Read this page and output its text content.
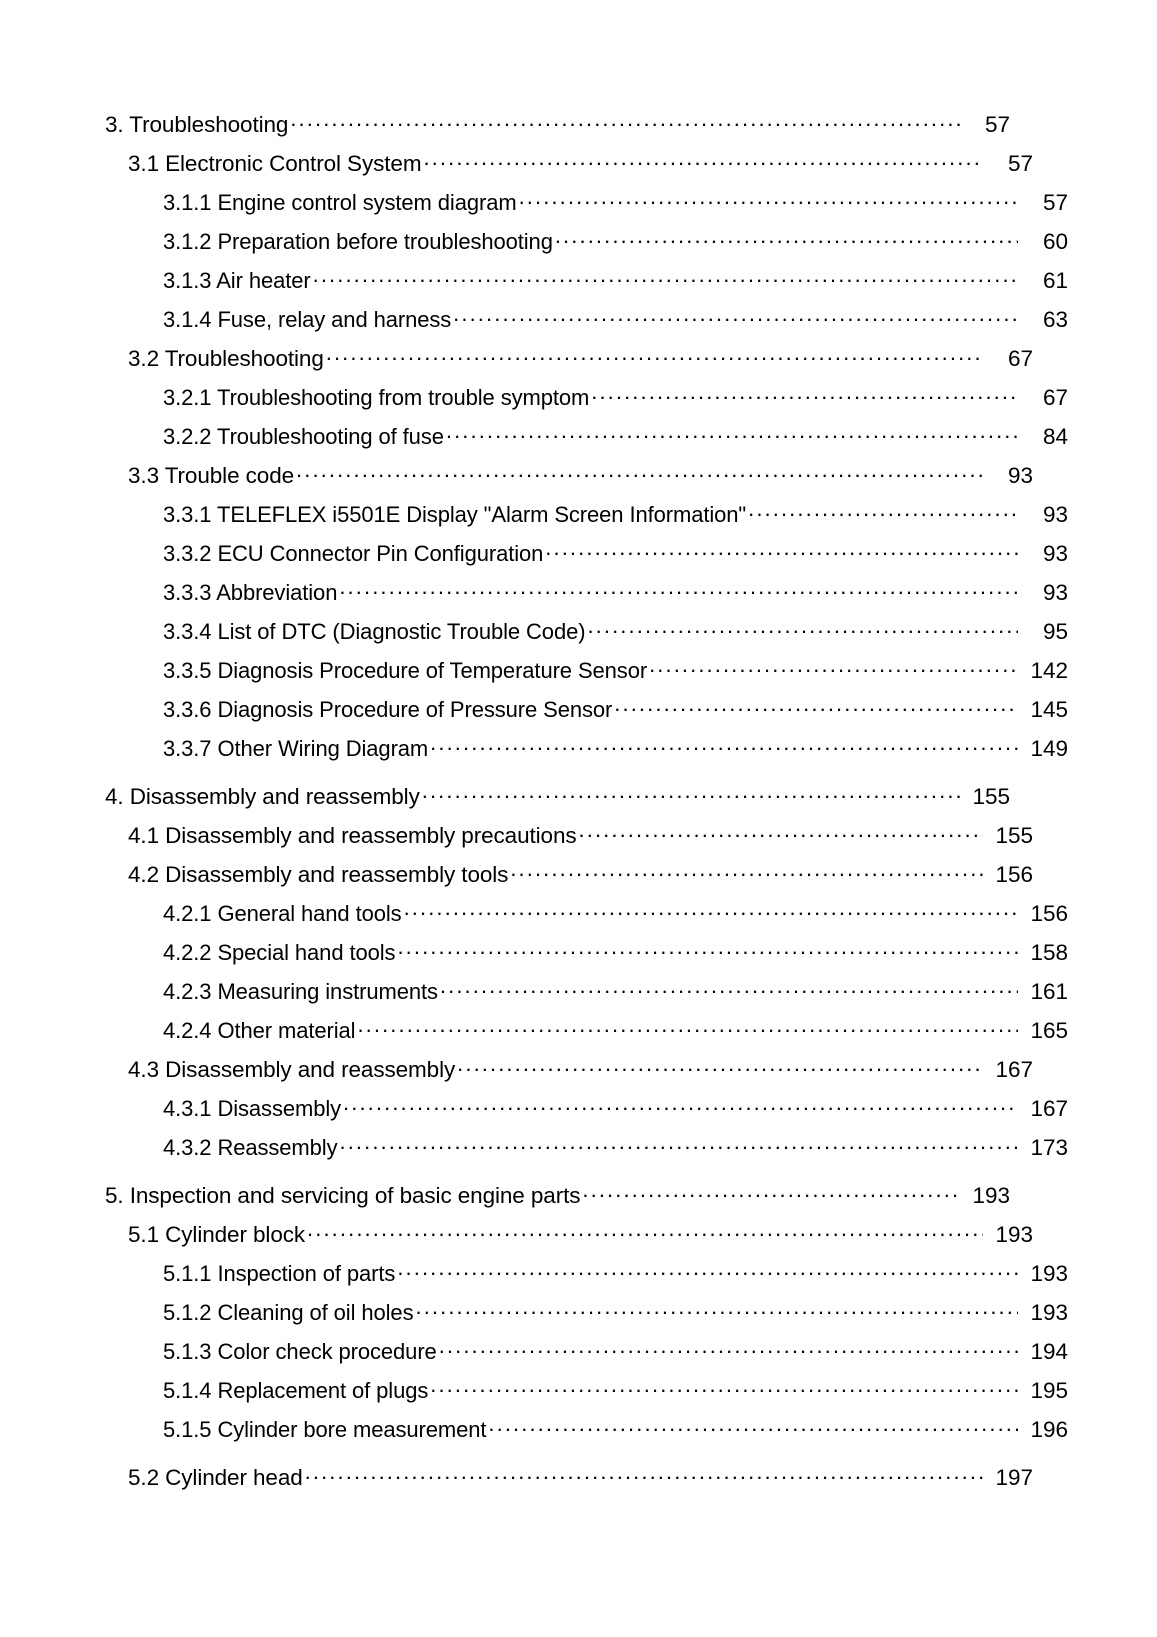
3. Troubleshooting .....	57
3.1 Electronic Control System .....	57
3.1.1 Engine control system diagram .....	57
3.1.2 Preparation before troubleshooting .....	60
3.1.3 Air heater .....	61
3.1.4 Fuse, relay and harness .....	63
3.2 Troubleshooting .....	67
3.2.1 Troubleshooting from trouble symptom .....	67
3.2.2 Troubleshooting of fuse .....	84
3.3 Trouble code .....	93
3.3.1 TELEFLEX i5501E Display "Alarm Screen Information" .....	93
3.3.2 ECU Connector Pin Configuration .....	93
3.3.3 Abbreviation .....	93
3.3.4 List of DTC (Diagnostic Trouble Code) .....	95
3.3.5 Diagnosis Procedure of Temperature Sensor .....	142
3.3.6 Diagnosis Procedure of Pressure Sensor .....	145
3.3.7 Other Wiring Diagram .....	149
4. Disassembly and reassembly .....	155
4.1 Disassembly and reassembly precautions .....	155
4.2 Disassembly and reassembly tools .....	156
4.2.1 General hand tools .....	156
4.2.2 Special hand tools .....	158
4.2.3 Measuring instruments .....	161
4.2.4 Other material .....	165
4.3 Disassembly and reassembly .....	167
4.3.1 Disassembly .....	167
4.3.2 Reassembly .....	173
5. Inspection and servicing of basic engine parts .....	193
5.1 Cylinder block .....	193
5.1.1 Inspection of parts .....	193
5.1.2 Cleaning of oil holes .....	193
5.1.3 Color check procedure .....	194
5.1.4 Replacement of plugs .....	195
5.1.5 Cylinder bore measurement .....	196
5.2 Cylinder head .....	197
